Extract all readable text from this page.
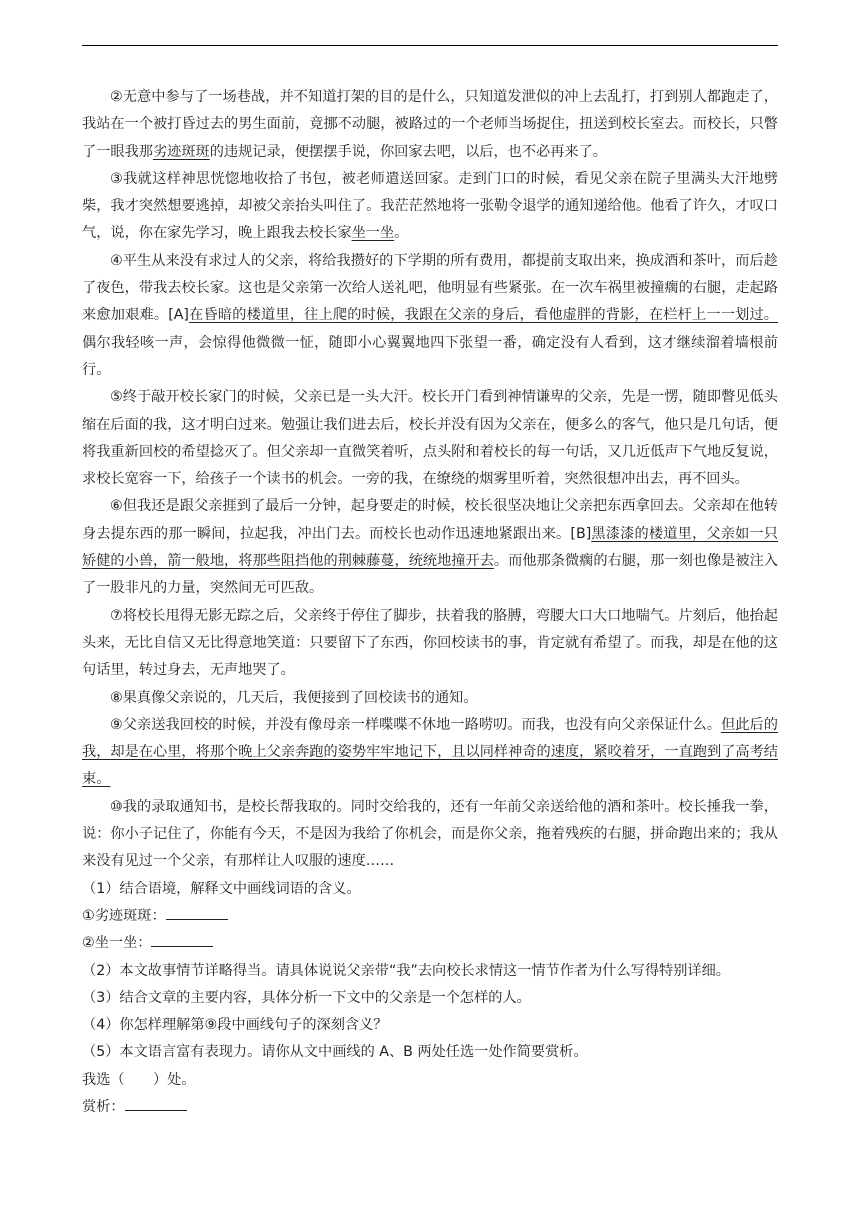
②无意中参与了一场巷战，并不知道打架的目的是什么，只知道发泄似的冲上去乱打，打到别人都跑走了，我站在一个被打昏过去的男生面前，竟挪不动腿，被路过的一个老师当场捉住，扭送到校长室去。而校长，只瞥了一眼我那劣迹斑斑的违规记录，便摆摆手说，你回家去吧，以后，也不必再来了。

③我就这样神思恍惚地收拾了书包，被老师遣送回家。走到门口的时候，看见父亲在院子里满头大汗地劈柴，我才突然想要逃掉，却被父亲抬头叫住了。我茫茫然地将一张勒令退学的通知递给他。他看了许久，才叹口气，说，你在家先学习，晚上跟我去校长家坐一坐。

④平生从来没有求过人的父亲，将给我攒好的下学期的所有费用，都提前支取出来，换成酒和茶叶，而后趁了夜色，带我去校长家。这也是父亲第一次给人送礼吧，他明显有些紧张。在一次车祸里被撞瘸的右腿，走起路来愈加艰难。[A]在昏暗的楼道里，往上爬的时候，我跟在父亲的身后，看他虚胖的背影，在栏杆上一一划过。偶尔我轻咳一声，会惊得他微微一怔，随即小心翼翼地四下张望一番，确定没有人看到，这才继续溜着墙根前行。

⑤终于敲开校长家门的时候，父亲已是一头大汗。校长开门看到神情谦卑的父亲，先是一愣，随即瞥见低头缩在后面的我，这才明白过来。勉强让我们进去后，校长并没有因为父亲在，便多么的客气，他只是几句话，便将我重新回校的希望捻灭了。但父亲却一直微笑着听，点头附和着校长的每一句话，又几近低声下气地反复说，求校长宽容一下，给孩子一个读书的机会。一旁的我，在缭绕的烟雾里听着，突然很想冲出去，再不回头。

⑥但我还是跟父亲捱到了最后一分钟，起身要走的时候，校长很坚决地让父亲把东西拿回去。父亲却在他转身去提东西的那一瞬间，拉起我，冲出门去。而校长也动作迅速地紧跟出来。[B]黑漆漆的楼道里，父亲如一只矫健的小兽，箭一般地，将那些阻挡他的荆棘藤蔓，统统地撞开去。而他那条微瘸的右腿，那一刻也像是被注入了一股非凡的力量，突然间无可匹敌。

⑦将校长甩得无影无踪之后，父亲终于停住了脚步，扶着我的胳膊，弯腰大口大口地喘气。片刻后，他抬起头来，无比自信又无比得意地笑道：只要留下了东西，你回校读书的事，肯定就有希望了。而我，却是在他的这句话里，转过身去，无声地哭了。

⑧果真像父亲说的，几天后，我便接到了回校读书的通知。

⑨父亲送我回校的时候，并没有像母亲一样喋喋不休地一路唠叨。而我，也没有向父亲保证什么。但此后的我，却是在心里，将那个晚上父亲奔跑的姿势牢牢地记下，且以同样神奇的速度，紧咬着牙，一直跑到了高考结束。

⑩我的录取通知书，是校长帮我取的。同时交给我的，还有一年前父亲送给他的酒和茶叶。校长捶我一拳，说：你小子记住了，你能有今天，不是因为我给了你机会，而是你父亲，拖着残疾的右腿，拼命跑出来的；我从来没有见过一个父亲，有那样让人叹服的速度……

（1）结合语境，解释文中画线词语的含义。

①劣迹斑斑：

②坐一坐：

（2）本文故事情节详略得当。请具体说说父亲带“我”去向校长求情这一情节作者为什么写得特别详细。

（3）结合文章的主要内容，具体分析一下文中的父亲是一个怎样的人。

（4）你怎样理解第⑨段中画线句子的深刻含义？

（5）本文语言富有表现力。请你从文中画线的 A、B 两处任选一处作简要赏析。

我选（　　）处。

赏析：
